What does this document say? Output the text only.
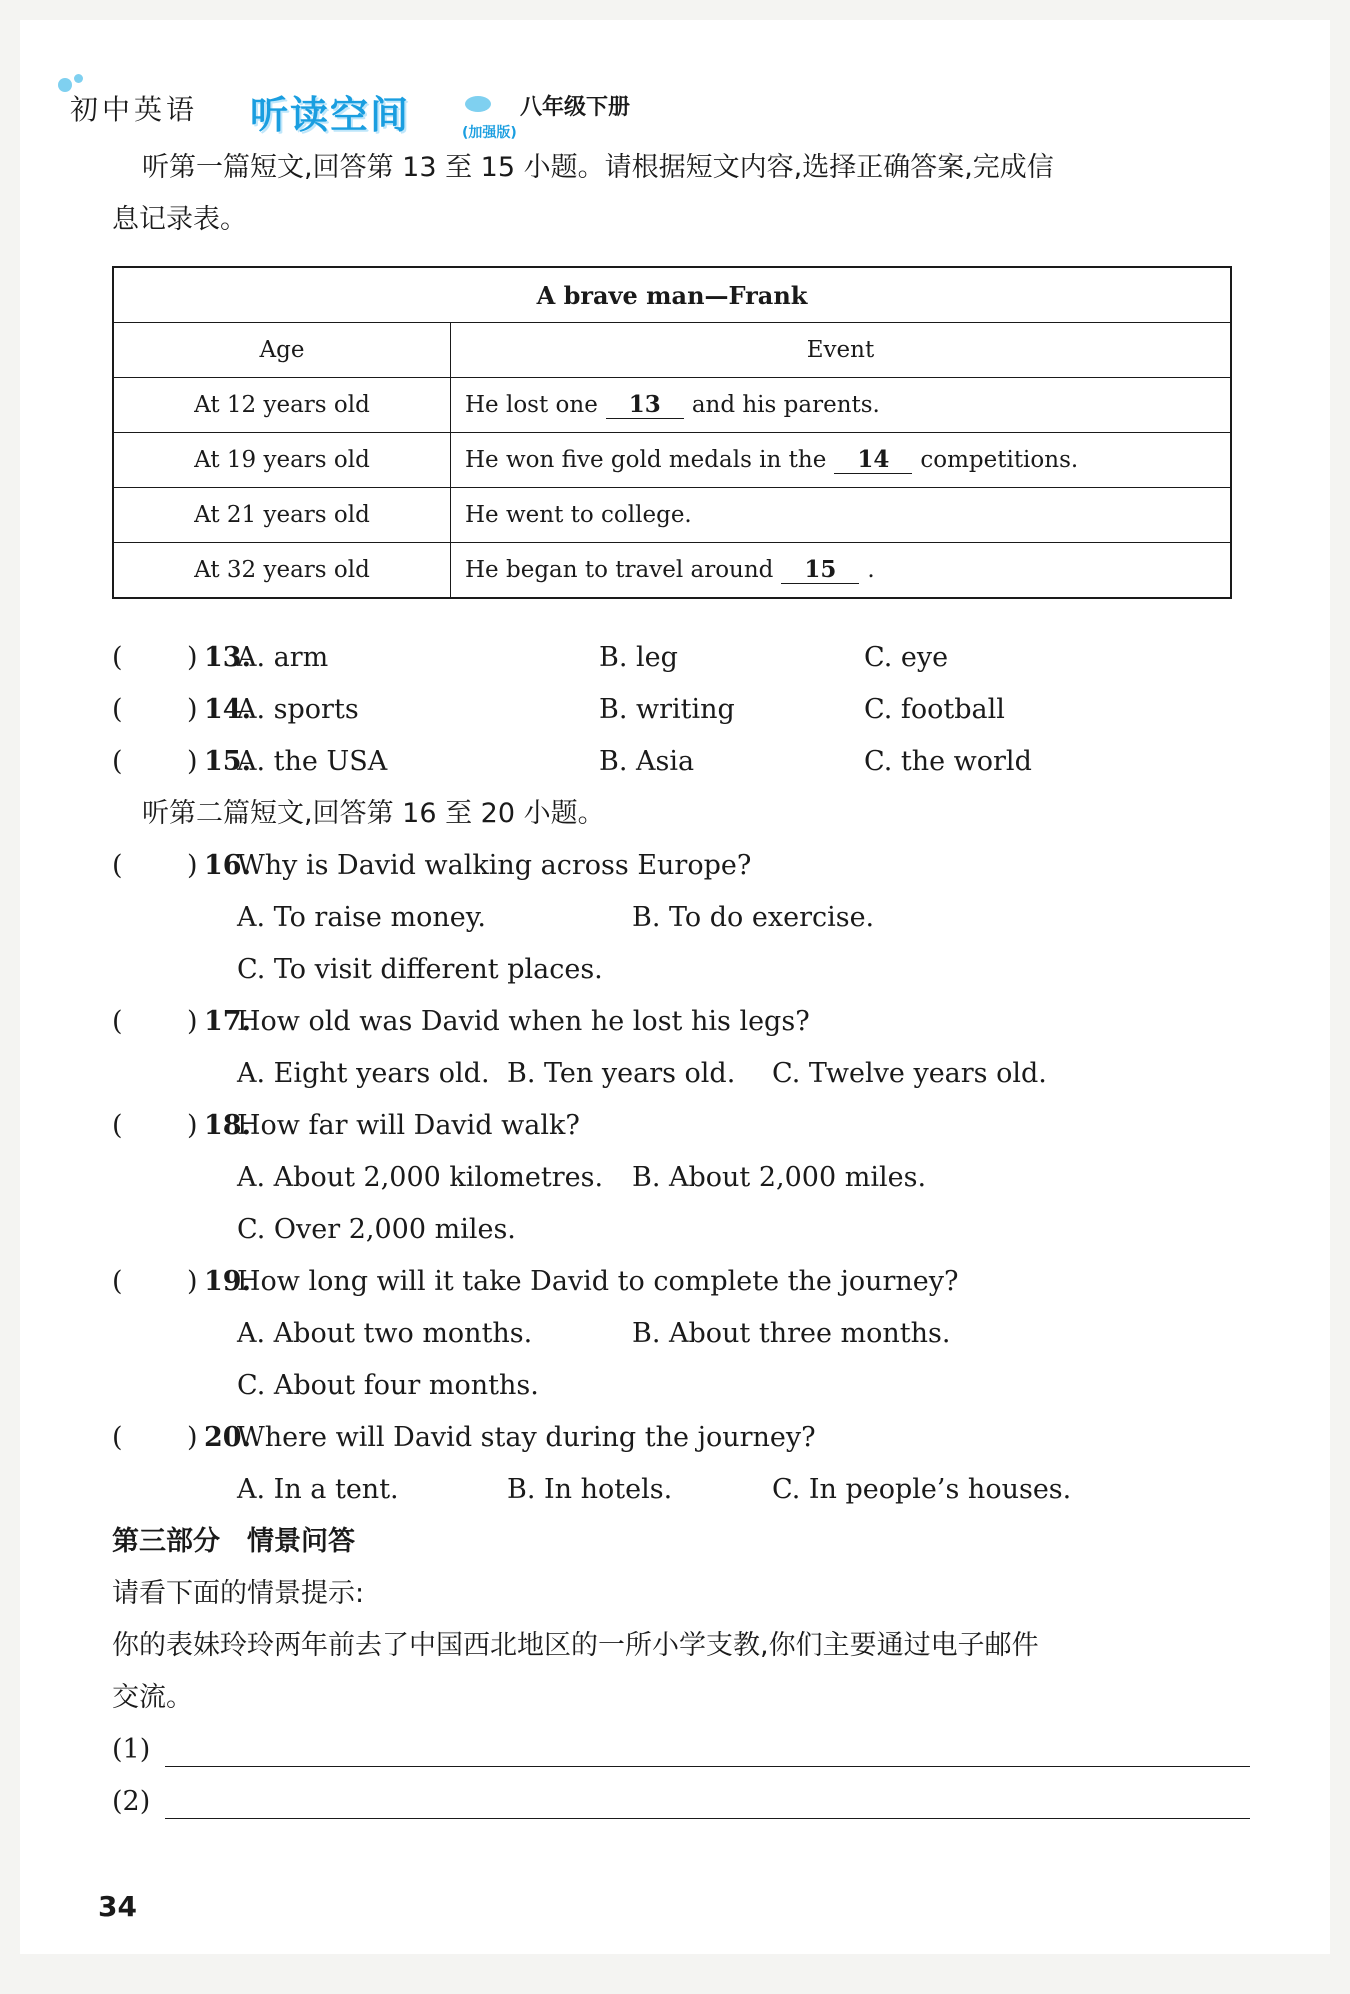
初中英语 听读空间	(加强版)
八年级下册
听第一篇短文,回答第 13 至 15 小题。请根据短文内容,选择正确答案,完成信
息记录表。
A brave man—Frank	
Age	Event
At 12 years old	He lost one 13 and his parents.
At 19 years old	He won five gold medals in the 14 competitions.
At 21 years old	He went to college.
At 32 years old	He began to travel around 15 .
( ) 13.
A. arm	B. leg	C. eye
( ) 14.
A. sports	B. writing	C. football
( ) 15.
A. the USA	B. Asia	C. the world
听第二篇短文,回答第 16 至 20 小题。
( ) 16.
Why is David walking across Europe?
A. To raise money.	B. To do exercise.
C. To visit different places.
( ) 17.
How old was David when he lost his legs?
A. Eight years old. B. Ten years old. C. Twelve years old.
( ) 18.
How far will David walk?
A. About 2,000 kilometres. B. About 2,000 miles.
C. Over 2,000 miles.
( ) 19.
How long will it take David to complete the journey?
A. About two months.	B. About three months.
C. About four months.
( ) 20.
Where will David stay during the journey?
A. In a tent.	B. In hotels.	C. In people’s houses.
第三部分　情景问答
请看下面的情景提示:
你的表妹玲玲两年前去了中国西北地区的一所小学支教,你们主要通过电子邮件
交流。
(1)
(2)
34
